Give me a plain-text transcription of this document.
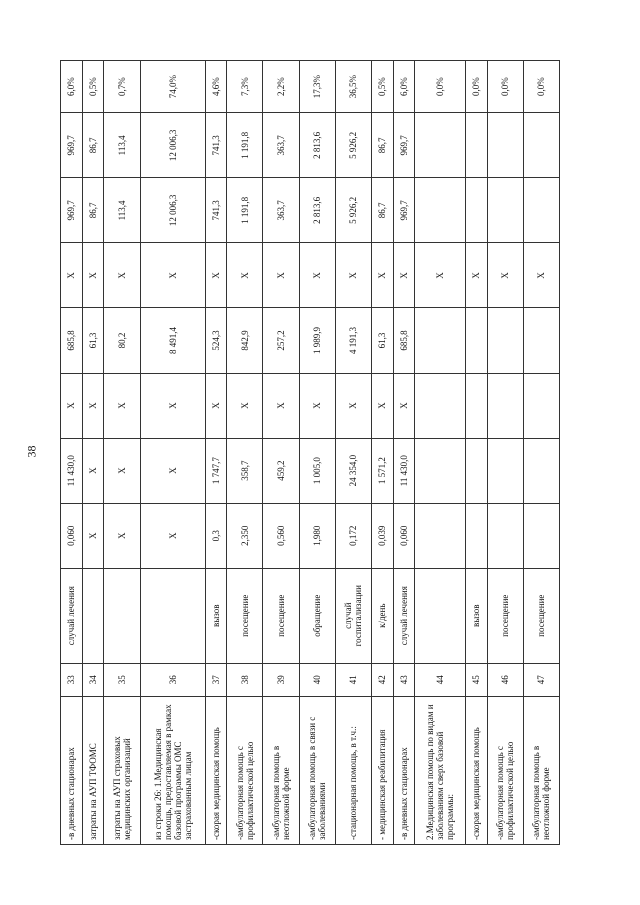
38
-в дневных стационарах	33	случай лечения	0,060	11 430,0	Х	685,8	Х	969,7	969,7	6,0%
затраты на АУП ТФОМС	34		Х	Х	Х	61,3	Х	86,7	86,7	0,5%
затраты на АУП страховых медицинских организаций	35		Х	Х	Х	80,2	Х	113,4	113,4	0,7%
из строки 26: 1.Медицинская помощь, предоставляемая в рамках базовой программы ОМС застрахованным лицам	36		Х	Х	Х	8 491,4	Х	12 006,3	12 006,3	74,0%
-скорая медицинская помощь	37	вызов	0,3	1 747,7	Х	524,3	Х	741,3	741,3	4,6%
-амбулаторная помощь с профилактической целью	38	посещение	2,350	358,7	Х	842,9	Х	1 191,8	1 191,8	7,3%
-амбулаторная помощь в неотложной форме	39	посещение	0,560	459,2	Х	257,2	Х	363,7	363,7	2,2%
-амбулаторная помощь в связи с заболеваниями	40	обращение	1,980	1 005,0	Х	1 989,9	Х	2 813,6	2 813,6	17,3%
-стационарная помощь, в т.ч.:	41	случай госпитализации	0,172	24 354,0	Х	4 191,3	Х	5 926,2	5 926,2	36,5%
- медицинская реабилитация	42	к/день	0,039	1 571,2	Х	61,3	Х	86,7	86,7	0,5%
-в дневных стационарах	43	случай лечения	0,060	11 430,0	Х	685,8	Х	969,7	969,7	6,0%
2.Медицинская помощь по видам и заболеваниям сверх базовой программы:	44						Х			0,0%
-скорая медицинская помощь	45	вызов					Х			0,0%
-амбулаторная помощь с профилактической целью	46	посещение					Х			0,0%
-амбулаторная помощь в неотложной форме	47	посещение					Х			0,0%
